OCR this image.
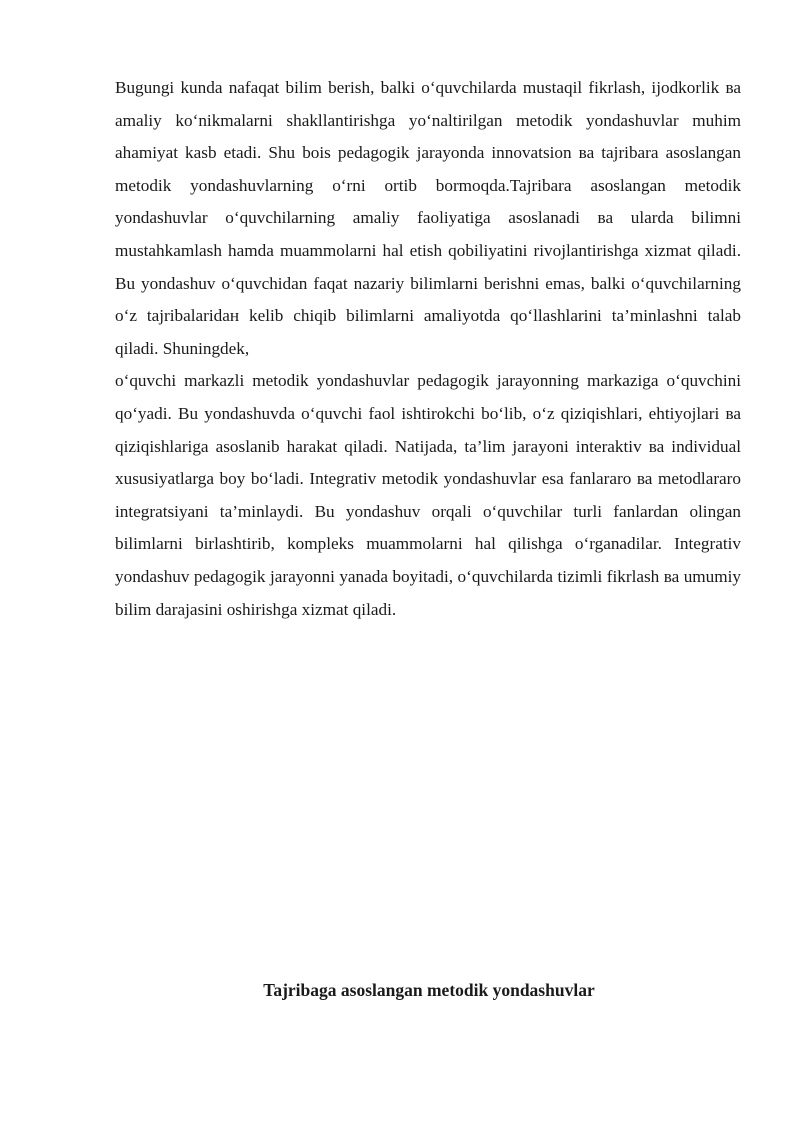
Bugungi kunda nafaqat bilim berish, balki o‘quvchilarda mustaqil fikrlash, ijodkorlik ва amaliy ko‘nikmalarni shakllantirishga yo‘naltirilgan metodik yondashuvlar muhim ahamiyat kasb etadi. Shu bois pedagogik jarayonda innovatsion ва tajribara asoslangan metodik yondashuvlarning o‘rni ortib bormoqda.Tajribara asoslangan metodik yondashuvlar o‘quvchilarning amaliy faoliyatiga asoslanadi ва ularda bilimni mustahkamlash hamda muammolarni hal etish qobiliyatini rivojlantirishga xizmat qiladi. Bu yondashuv o‘quvchidan faqat nazariy bilimlarni berishni emas, balki o‘quvchilarning o‘z tajribalaridан kelib chiqib bilimlarni amaliyotda qo‘llashlarini ta’minlashni talab qiladi. Shuningdek,
o‘quvchi markazli metodik yondashuvlar pedagogik jarayonning markaziga o‘quvchini qo‘yadi. Bu yondashuvda o‘quvchi faol ishtirokchi bo‘lib, o‘z qiziqishlari, ehtiyojlari ва qiziqishlariga asoslanib harakat qiladi. Natijada, ta’lim jarayoni interaktiv ва individual xususiyatlarga boy bo‘ladi. Integrativ metodik yondashuvlar esa fanlararo ва metodlararo integratsiyani ta’minlaydi. Bu yondashuv orqali o‘quvchilar turli fanlardan olingan bilimlarni birlashtirib, kompleks muammolarni hal qilishga o‘rganadilar. Integrativ yondashuv pedagogik jarayonni yanada boyitadi, o‘quvchilarda tizimli fikrlash ва umumiy bilim darajasini oshirishga xizmat qiladi.
Tajribaga asoslangan metodik yondashuvlar
